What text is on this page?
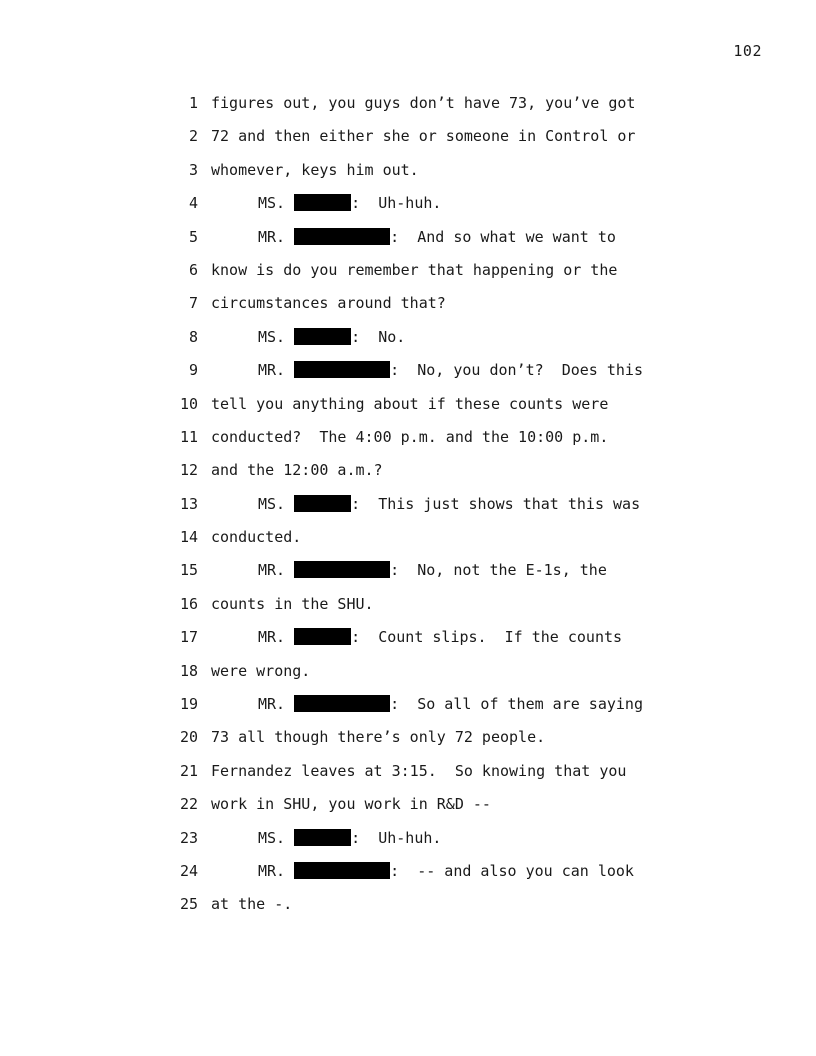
102
1 figures out, you guys don’t have 73, you’ve got
2 72 and then either she or someone in Control or
3 whomever, keys him out.
4	MS.	:  Uh-huh.
5	MR.	:  And so what we want to
6 know is do you remember that happening or the
7 circumstances around that?
8	MS.	:  No.
9	MR.	:  No, you don’t?  Does this
10 tell you anything about if these counts were
11 conducted?  The 4:00 p.m. and the 10:00 p.m.
12 and the 12:00 a.m.?
13	MS.	:  This just shows that this was
14 conducted.
15	MR.	:  No, not the E-1s, the
16 counts in the SHU.
17	MR.	:  Count slips.  If the counts
18 were wrong.
19	MR.	:  So all of them are saying
20 73 all though there’s only 72 people.
21 Fernandez leaves at 3:15.  So knowing that you
22 work in SHU, you work in R&D --
23	MS.	:  Uh-huh.
24	MR.	:  -- and also you can look
25 at the -.
